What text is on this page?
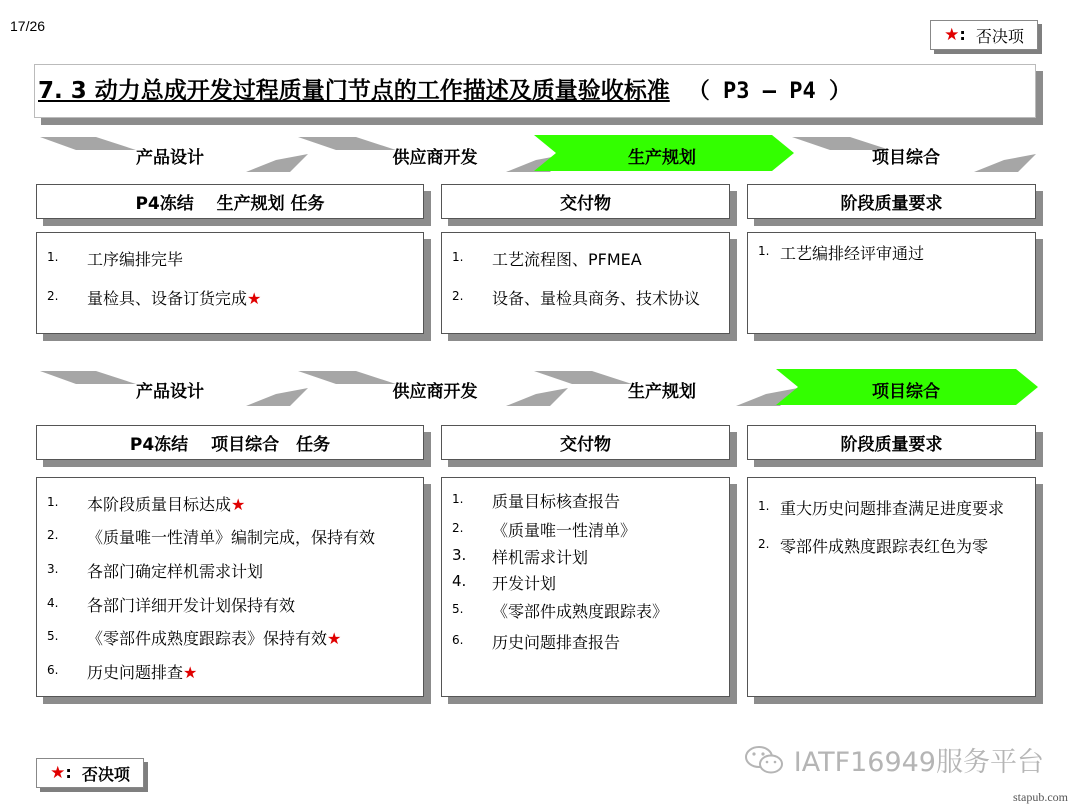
17/26	★: 否决项
7. 3 动力总成开发过程质量门节点的工作描述及质量验收标准 （ P3 – P4 ）
产品设计	供应商开发	生产规划	项目综合
P4冻结　 生产规划 任务	交付物	阶段质量要求
1. 工序编排完毕
2. 量检具、设备订货完成★
1. 工艺流程图、PFMEA
2. 设备、量检具商务、技术协议
1. 工艺编排经评审通过
产品设计	供应商开发	生产规划	项目综合
P4冻结　 项目综合　任务	交付物	阶段质量要求
1. 本阶段质量目标达成★
2. 《质量唯一性清单》编制完成，保持有效
3. 各部门确定样机需求计划
4. 各部门详细开发计划保持有效
5. 《零部件成熟度跟踪表》保持有效★
6. 历史问题排查★
1. 质量目标核查报告
2. 《质量唯一性清单》
3. 样机需求计划
4. 开发计划
5. 《零部件成熟度跟踪表》
6. 历史问题排查报告
1. 重大历史问题排查满足进度要求
2. 零部件成熟度跟踪表红色为零
★: 否决项	IATF16949服务平台
stapub.com
